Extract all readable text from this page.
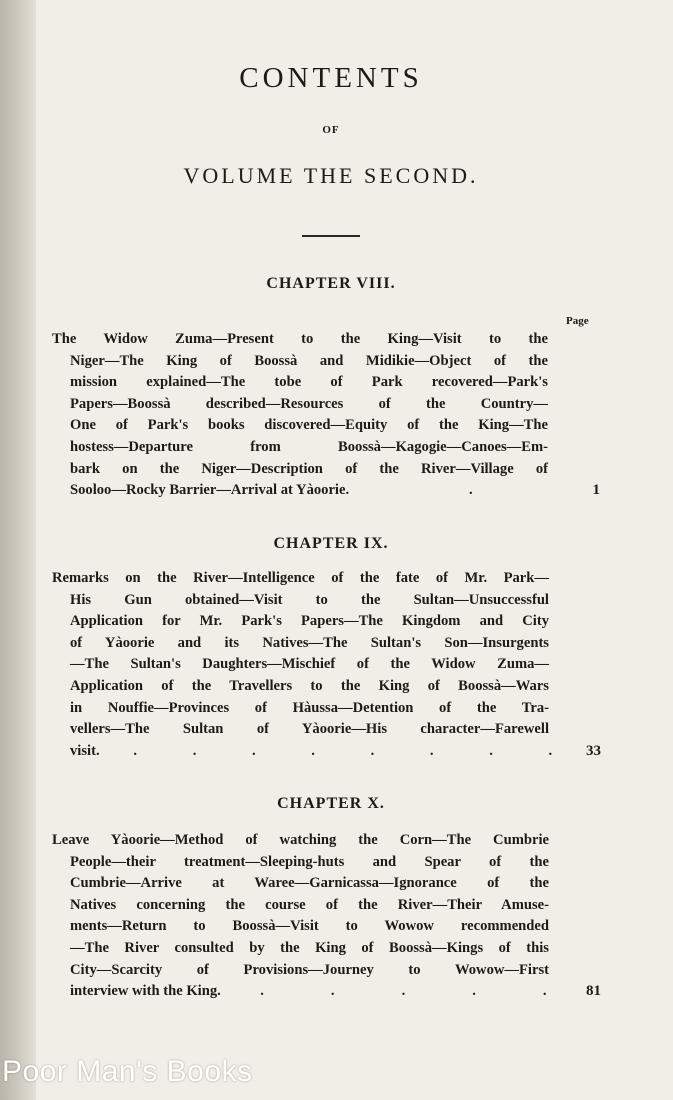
CONTENTS
OF
VOLUME THE SECOND.
CHAPTER VIII.
Page
The Widow Zuma—Present to the King—Visit to the
Niger—The King of Boossà and Midikie—Object of the
mission explained—The tobe of Park recovered—Park's
Papers—Boossà described—Resources of the Country—
One of Park's books discovered—Equity of the King—The
hostess—Departure from Boossà—Kagogie—Canoes—Em-
bark on the Niger—Description of the River—Village of
Sooloo—Rocky Barrier—Arrival at Yàoorie.	.	1
CHAPTER IX.
Remarks on the River—Intelligence of the fate of Mr. Park—
His Gun obtained—Visit to the Sultan—Unsuccessful
Application for Mr. Park's Papers—The Kingdom and City
of Yàoorie and its Natives—The Sultan's Son—Insurgents
—The Sultan's Daughters—Mischief of the Widow Zuma—
Application of the Travellers to the King of Boossà—Wars
in Nouffie—Provinces of Hàussa—Detention of the Tra-
vellers—The Sultan of Yàoorie—His character—Farewell
visit. .	.	.	.	.	.	.	. 33
CHAPTER X.
Leave Yàoorie—Method of watching the Corn—The Cumbrie
People—their treatment—Sleeping-huts and Spear of the
Cumbrie—Arrive at Waree—Garnicassa—Ignorance of the
Natives concerning the course of the River—Their Amuse-
ments—Return to Boossà—Visit to Wowow recommended
—The River consulted by the King of Boossà—Kings of this
City—Scarcity of Provisions—Journey to Wowow—First
interview with the King.	.	.	.	.	.	81
Poor Man's Books
